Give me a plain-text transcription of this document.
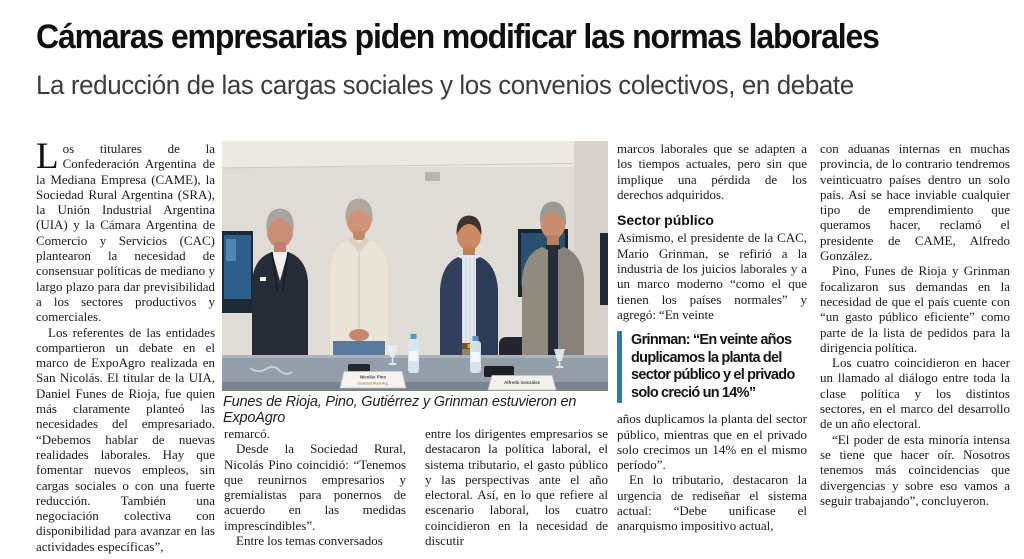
Cámaras empresarias piden modificar las normas laborales
La reducción de las cargas sociales y los convenios colectivos, en debate

Los titulares de la Confederación Argentina de la Mediana Empresa (CAME), la Sociedad Rural Argentina (SRA), la Unión Industrial Argentina (UIA) y la Cámara Argentina de Comercio y Servicios (CAC) plantearon la necesidad de consensuar políticas de mediano y largo plazo para dar previsibilidad a los sectores productivos y comerciales.

Los referentes de las entidades compartieron un debate en el marco de ExpoAgro realizada en San Nicolás. El titular de la UIA, Daniel Funes de Rioja, fue quien más claramente planteó las necesidades del empresariado. “Debemos hablar de nuevas realidades laborales. Hay que fomentar nuevos empleos, sin cargas sociales o con una fuerte reducción. También una negociación colectiva con disponibilidad para avanzar en las actividades específicas”,

Nicolás Pino
Sociedad Rural Arg.	Alfredo González
Funes de Rioja, Pino, Gutiérrez y Grinman estuvieron en ExpoAgro

remarcó.

Desde la Sociedad Rural, Nicolás Pino coincidió: “Tenemos que reunirnos empresarios y gremialistas para ponernos de acuerdo en las medidas imprescindibles”.

Entre los temas conversados

entre los dirigentes empresarios se destacaron la política laboral, el sistema tributario, el gasto público y las perspectivas ante el año electoral. Así, en lo que refiere al escenario laboral, los cuatro coincidieron en la necesidad de discutir

marcos laborales que se adapten a los tiempos actuales, pero sin que implique una pérdida de los derechos adquiridos.

Sector público

Asimismo, el presidente de la CAC, Mario Grinman, se refirió a la industria de los juicios laborales y a un marco moderno “como el que tienen los países normales” y agregó: “En veinte

Grinman: “En veinte años duplicamos la planta del sector público y el privado solo creció un 14%”

años duplicamos la planta del sector público, mientras que en el privado solo crecimos un 14% en el mismo período”.

En lo tributario, destacaron la urgencia de rediseñar el sistema actual: “Debe unificase el anarquismo impositivo actual,

con aduanas internas en muchas provincia, de lo contrario tendremos veinticuatro países dentro un solo país. Así se hace inviable cualquier tipo de emprendimiento que queramos hacer, reclamó el presidente de CAME, Alfredo González.

Pino, Funes de Rioja y Grinman focalizaron sus demandas en la necesidad de que el país cuente con “un gasto público eficiente” como parte de la lista de pedidos para la dirigencia política.

Los cuatro coincidieron en hacer un llamado al diálogo entre toda la clase política y los distintos sectores, en el marco del desarrollo de un año electoral.

“El poder de esta minoría intensa se tiene que hacer oír. Nosotros tenemos más coincidencias que divergencias y sobre eso vamos a seguir trabajando”, concluyeron.
